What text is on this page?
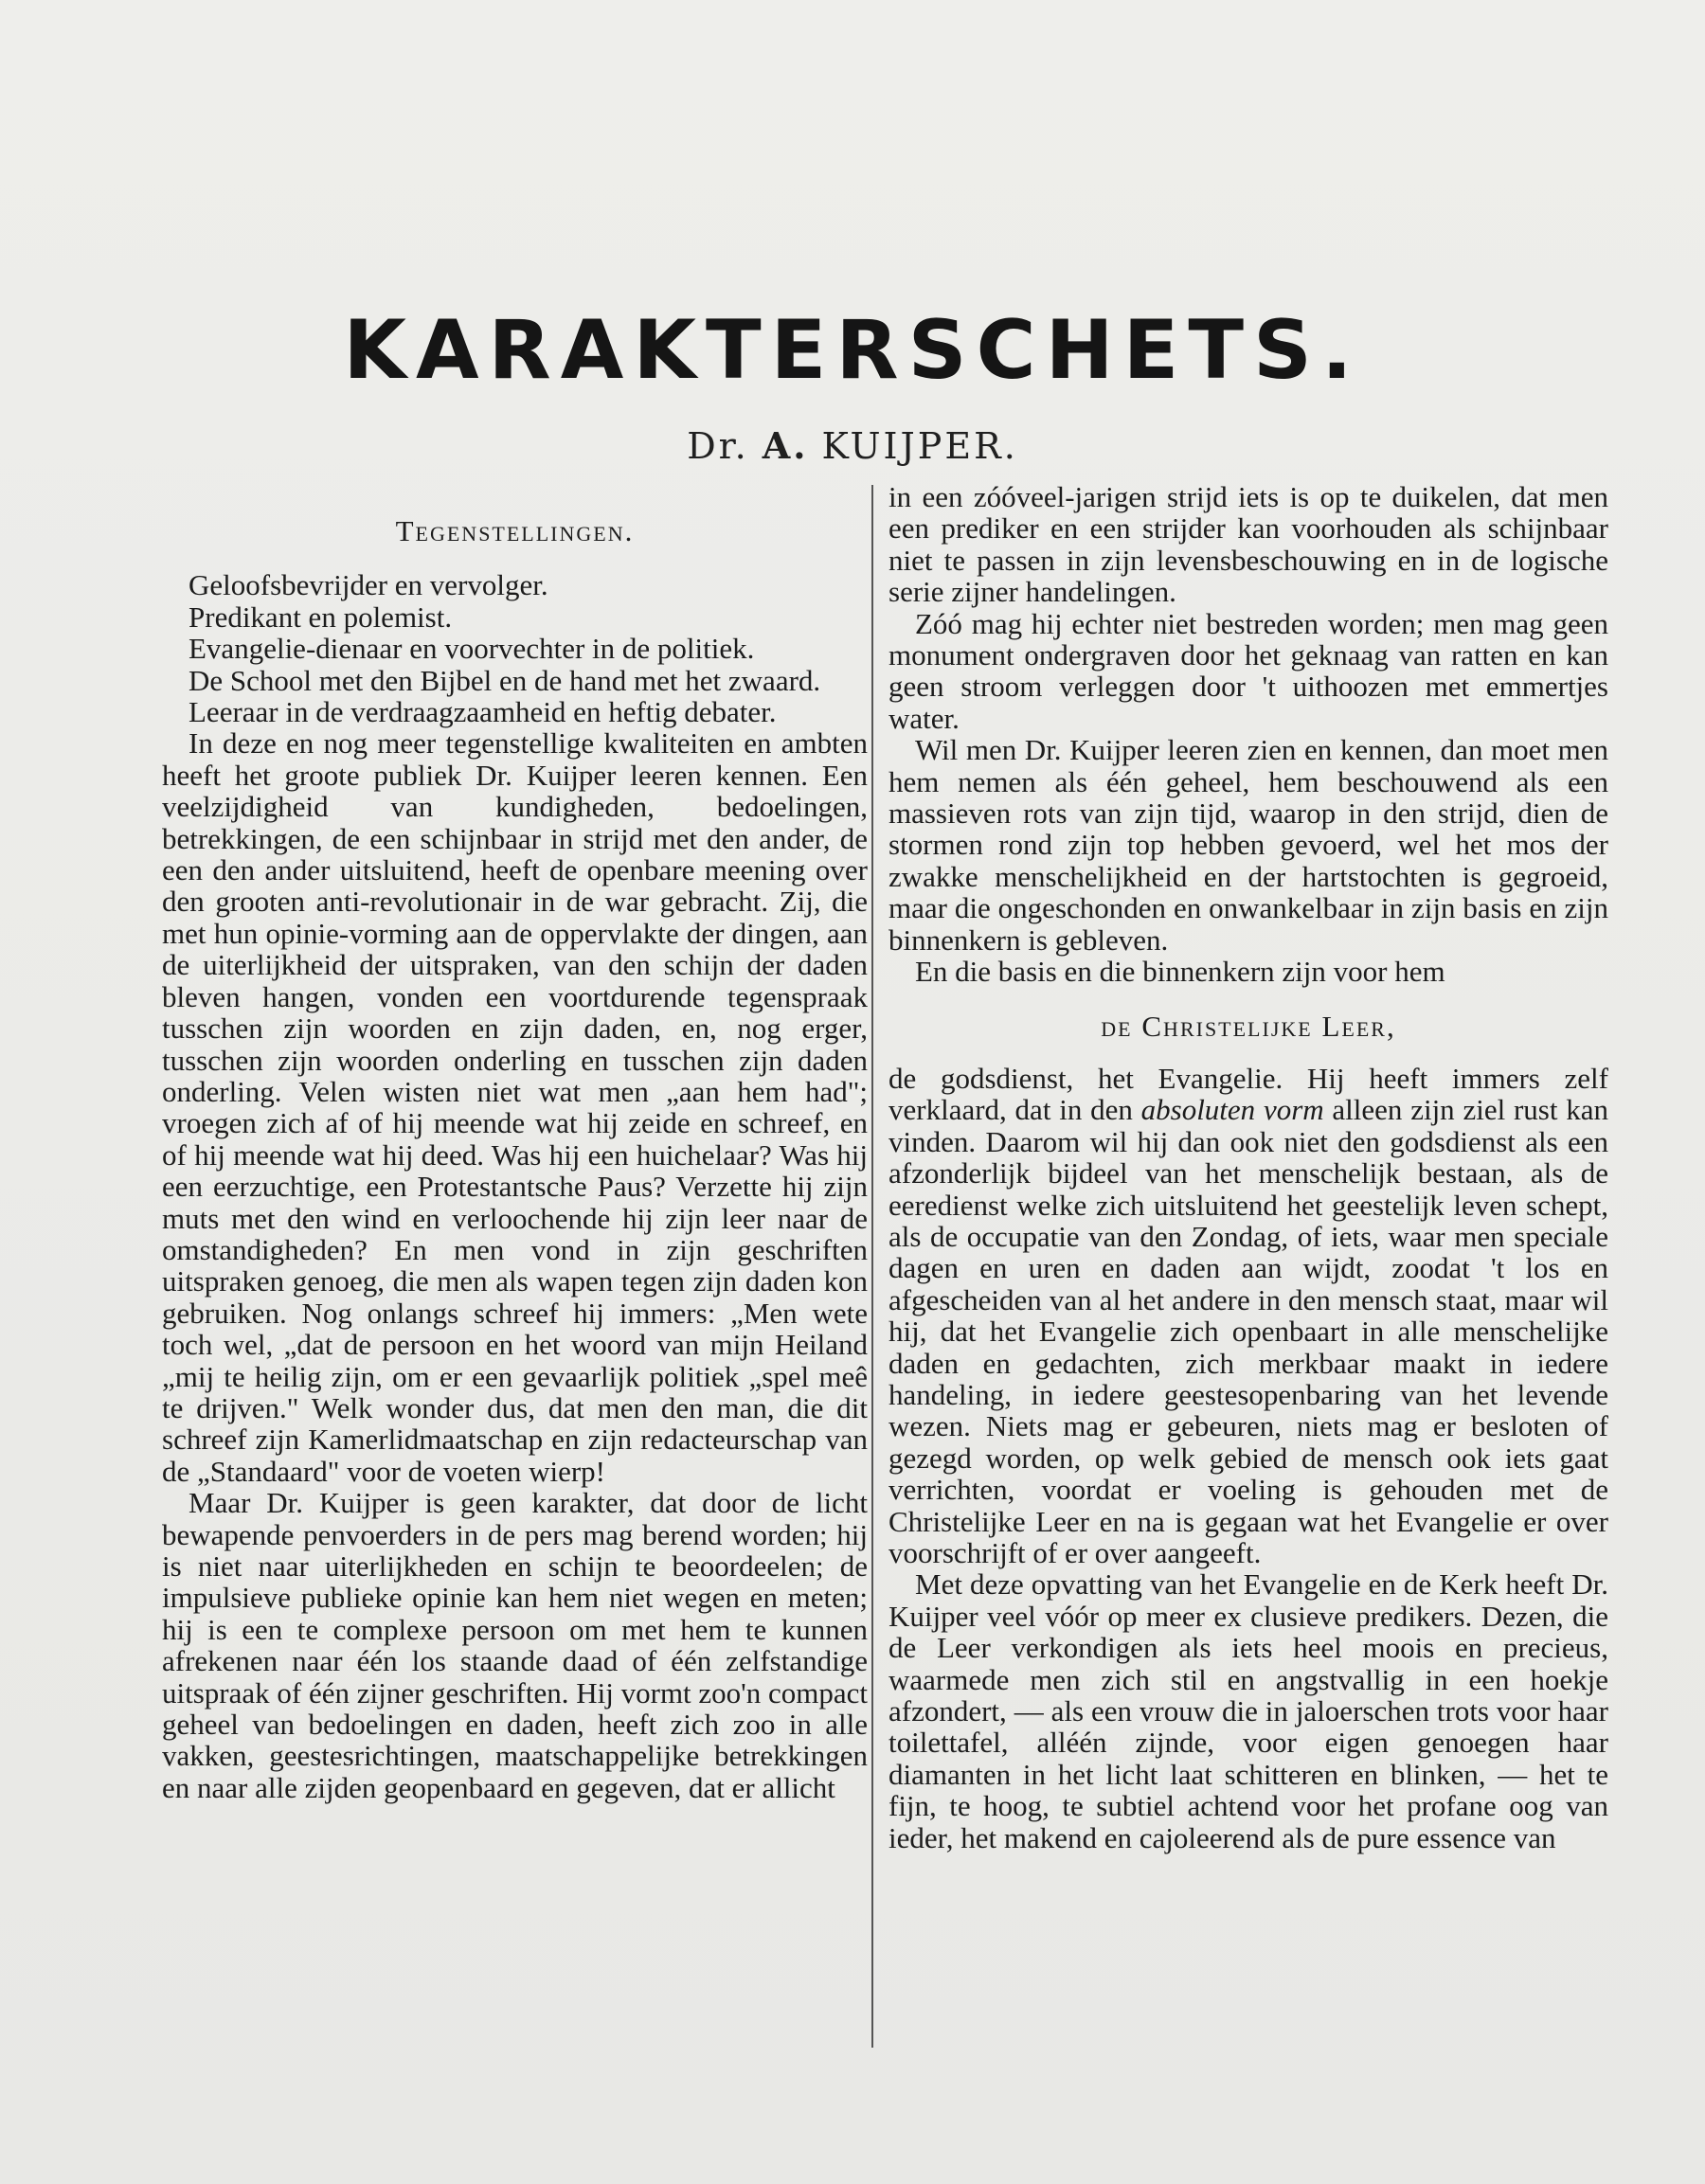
KARAKTERSCHETS.
Dr. A. KUIJPER.
Tegenstellingen.

Geloofsbevrijder en vervolger.

Predikant en polemist.

Evangelie-dienaar en voorvechter in de politiek.

De School met den Bijbel en de hand met het zwaard.

Leeraar in de verdraagzaamheid en heftig debater.

In deze en nog meer tegenstellige kwaliteiten en ambten heeft het groote publiek Dr. Kuijper leeren kennen. Een veelzijdigheid van kundigheden, bedoelingen, betrekkingen, de een schijnbaar in strijd met den ander, de een den ander uitsluitend, heeft de openbare meening over den grooten anti-revolutionair in de war gebracht. Zij, die met hun opinie-vorming aan de oppervlakte der dingen, aan de uiterlijkheid der uitspraken, van den schijn der daden bleven hangen, vonden een voortdurende tegenspraak tusschen zijn woorden en zijn daden, en, nog erger, tusschen zijn woorden onderling en tusschen zijn daden onderling. Velen wisten niet wat men „aan hem had"; vroegen zich af of hij meende wat hij zeide en schreef, en of hij meende wat hij deed. Was hij een huichelaar? Was hij een eerzuchtige, een Protestantsche Paus? Verzette hij zijn muts met den wind en verloochende hij zijn leer naar de omstandigheden? En men vond in zijn geschriften uitspraken genoeg, die men als wapen tegen zijn daden kon gebruiken. Nog onlangs schreef hij immers: „Men wete toch wel, „dat de persoon en het woord van mijn Heiland „mij te heilig zijn, om er een gevaarlijk politiek „spel meê te drijven." Welk wonder dus, dat men den man, die dit schreef zijn Kamerlidmaatschap en zijn redacteurschap van de „Standaard" voor de voeten wierp!

Maar Dr. Kuijper is geen karakter, dat door de licht bewapende penvoerders in de pers mag berend worden; hij is niet naar uiterlijkheden en schijn te beoordeelen; de impulsieve publieke opinie kan hem niet wegen en meten; hij is een te complexe persoon om met hem te kunnen afrekenen naar één los staande daad of één zelfstandige uitspraak of één zijner geschriften. Hij vormt zoo'n compact geheel van bedoelingen en daden, heeft zich zoo in alle vakken, geestesrichtingen, maatschappelijke betrekkingen en naar alle zijden geopenbaard en gegeven, dat er allicht

in een zóóveel-jarigen strijd iets is op te duikelen, dat men een prediker en een strijder kan voorhouden als schijnbaar niet te passen in zijn levensbeschouwing en in de logische serie zijner handelingen.

Zóó mag hij echter niet bestreden worden; men mag geen monument ondergraven door het geknaag van ratten en kan geen stroom verleggen door 't uithoozen met emmertjes water.

Wil men Dr. Kuijper leeren zien en kennen, dan moet men hem nemen als één geheel, hem beschouwend als een massieven rots van zijn tijd, waarop in den strijd, dien de stormen rond zijn top hebben gevoerd, wel het mos der zwakke menschelijkheid en der hartstochten is gegroeid, maar die ongeschonden en onwankelbaar in zijn basis en zijn binnenkern is gebleven.

En die basis en die binnenkern zijn voor hem

de Christelijke Leer,

de godsdienst, het Evangelie. Hij heeft immers zelf verklaard, dat in den absoluten vorm alleen zijn ziel rust kan vinden. Daarom wil hij dan ook niet den godsdienst als een afzonderlijk bijdeel van het menschelijk bestaan, als de eeredienst welke zich uitsluitend het geestelijk leven schept, als de occupatie van den Zondag, of iets, waar men speciale dagen en uren en daden aan wijdt, zoodat 't los en afgescheiden van al het andere in den mensch staat, maar wil hij, dat het Evangelie zich openbaart in alle menschelijke daden en gedachten, zich merkbaar maakt in iedere handeling, in iedere geestesopenbaring van het levende wezen. Niets mag er gebeuren, niets mag er besloten of gezegd worden, op welk gebied de mensch ook iets gaat verrichten, voordat er voeling is gehouden met de Christelijke Leer en na is gegaan wat het Evangelie er over voorschrijft of er over aangeeft.

Met deze opvatting van het Evangelie en de Kerk heeft Dr. Kuijper veel vóór op meer ex clusieve predikers. Dezen, die de Leer verkondigen als iets heel moois en precieus, waarmede men zich stil en angstvallig in een hoekje afzondert, — als een vrouw die in jaloerschen trots voor haar toilettafel, alléén zijnde, voor eigen genoegen haar diamanten in het licht laat schitteren en blinken, — het te fijn, te hoog, te subtiel achtend voor het profane oog van ieder, het makend en cajoleerend als de pure essence van
